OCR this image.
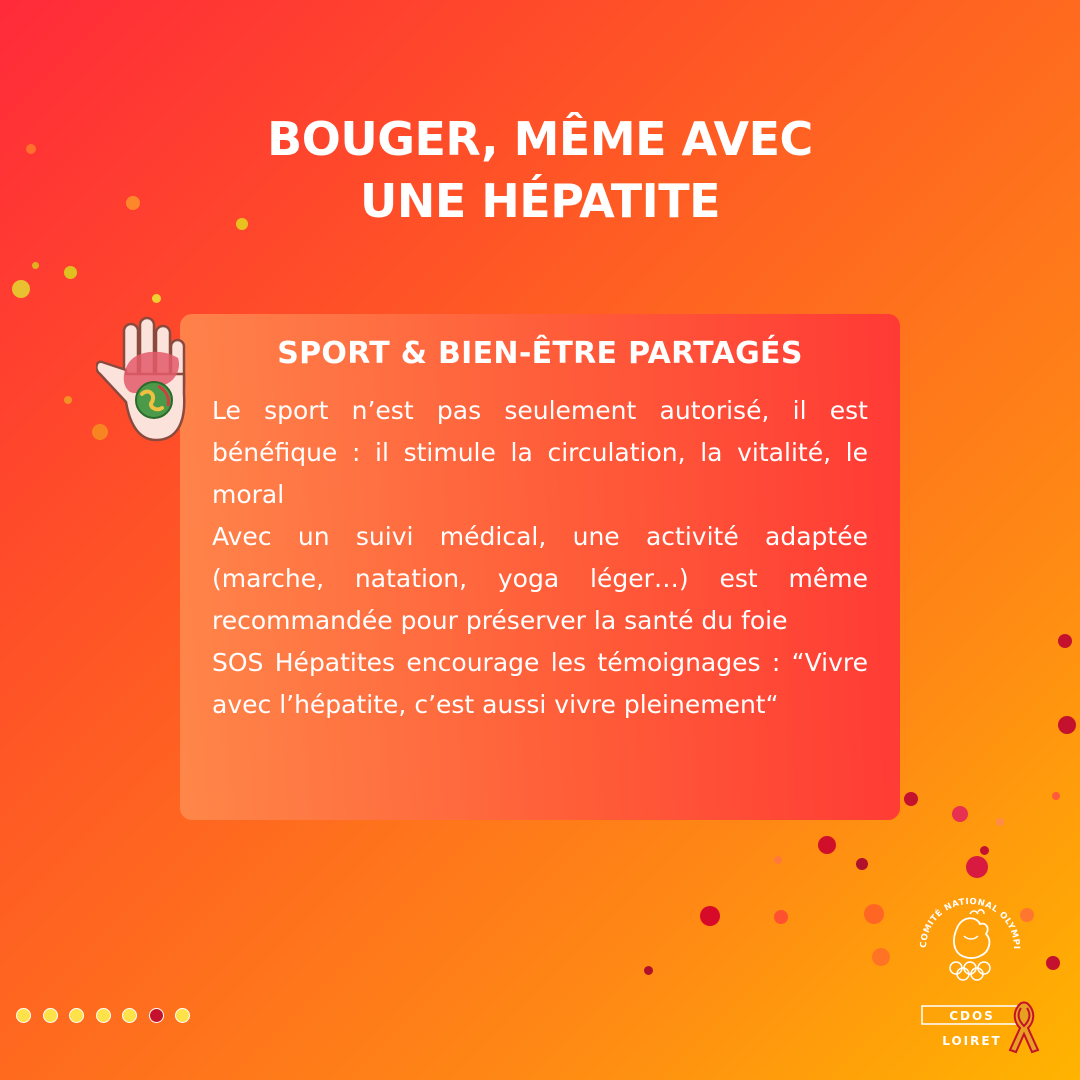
BOUGER, MÊME AVEC
UNE HÉPATITE
SPORT & BIEN-ÊTRE PARTAGÉS

Le sport n’est pas seulement autorisé, il est bénéfique : il stimule la circulation, la vitalité, le moral

Avec un suivi médical, une activité adaptée (marche, natation, yoga léger…) est même recommandée pour préserver la santé du foie

SOS Hépatites encourage les témoignages : “Vivre avec l’hépatite, c’est aussi vivre pleinement“

COMITÉ NATIONAL OLYMPI
CDOS
LOIRET
